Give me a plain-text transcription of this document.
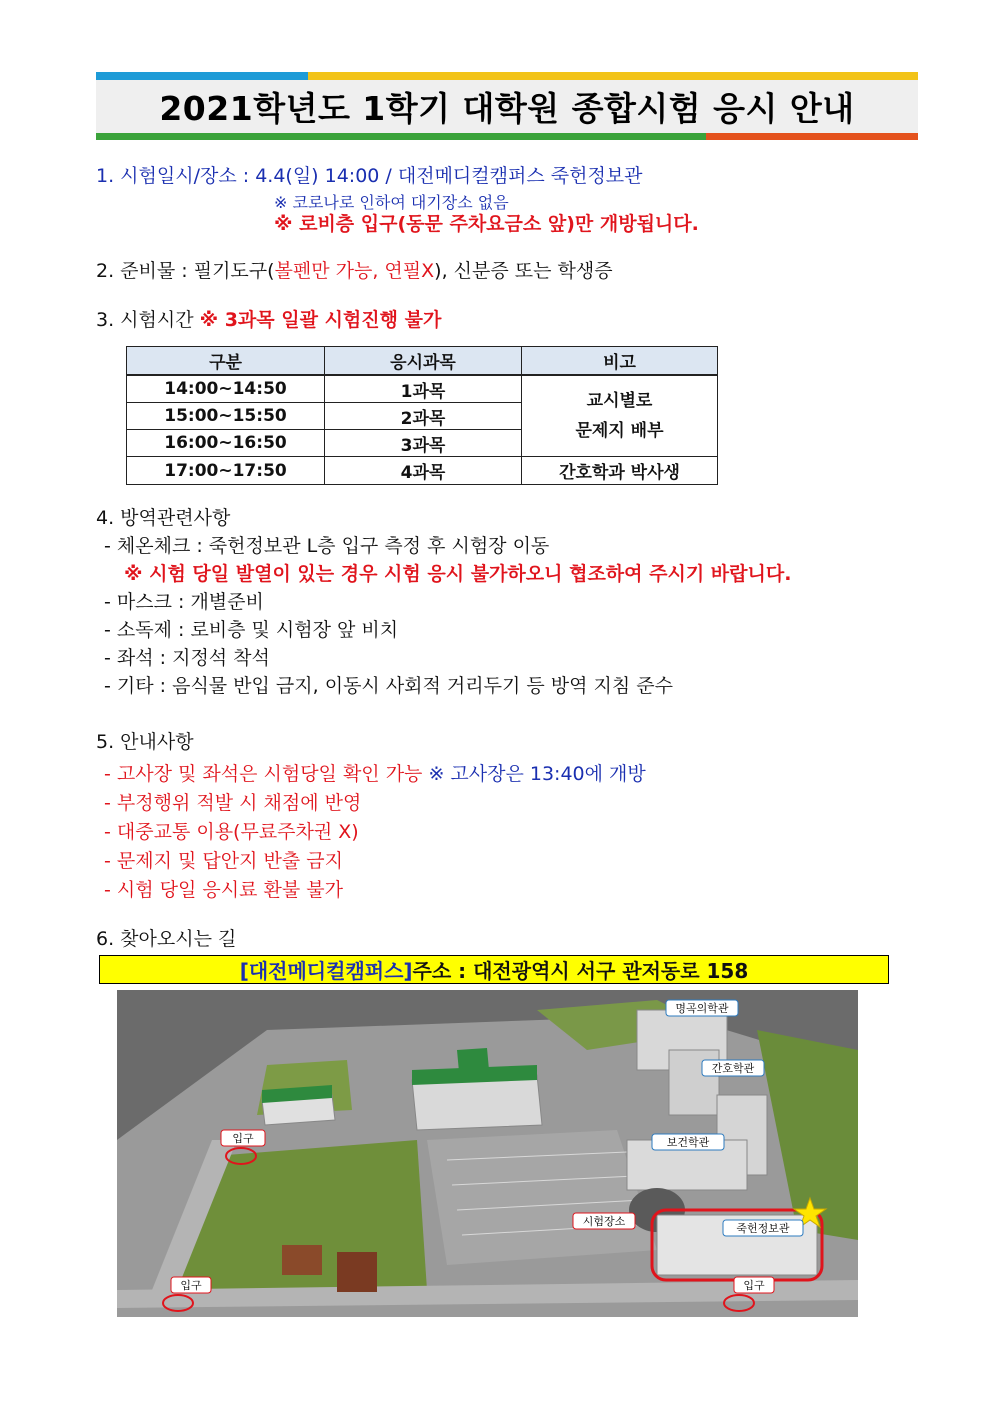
2021학년도 1학기 대학원 종합시험 응시 안내
1. 시험일시/장소 : 4.4(일) 14:00 / 대전메디컬캠퍼스 죽헌정보관
※ 코로나로 인하여 대기장소 없음
※ 로비층 입구(동문 주차요금소 앞)만 개방됩니다.
2. 준비물 : 필기도구(볼펜만 가능, 연필X), 신분증 또는 학생증
3. 시험시간 ※ 3과목 일괄 시험진행 불가
구분	응시과목	비고
14:00~14:50	1과목	교시별로
문제지 배부
15:00~15:50	2과목	
16:00~16:50	3과목	
17:00~17:50	4과목	간호학과 박사생
4. 방역관련사항
- 체온체크 : 죽헌정보관 L층 입구 측정 후 시험장 이동
※ 시험 당일 발열이 있는 경우 시험 응시 불가하오니 협조하여 주시기 바랍니다.
- 마스크 : 개별준비
- 소독제 : 로비층 및 시험장 앞 비치
- 좌석 : 지정석 착석
- 기타 : 음식물 반입 금지, 이동시 사회적 거리두기 등 방역 지침 준수
5. 안내사항
- 고사장 및 좌석은 시험당일 확인 가능 ※ 고사장은 13:40에 개방
- 부정행위 적발 시 채점에 반영
- 대중교통 이용(무료주차권 X)
- 문제지 및 답안지 반출 금지
- 시험 당일 응시료 환불 불가
6. 찾아오시는 길
[대전메디컬캠퍼스] 주소 : 대전광역시 서구 관저동로 158
명곡의학관
간호학관
보건학관
죽헌정보관
시험장소
입구
입구	입구
